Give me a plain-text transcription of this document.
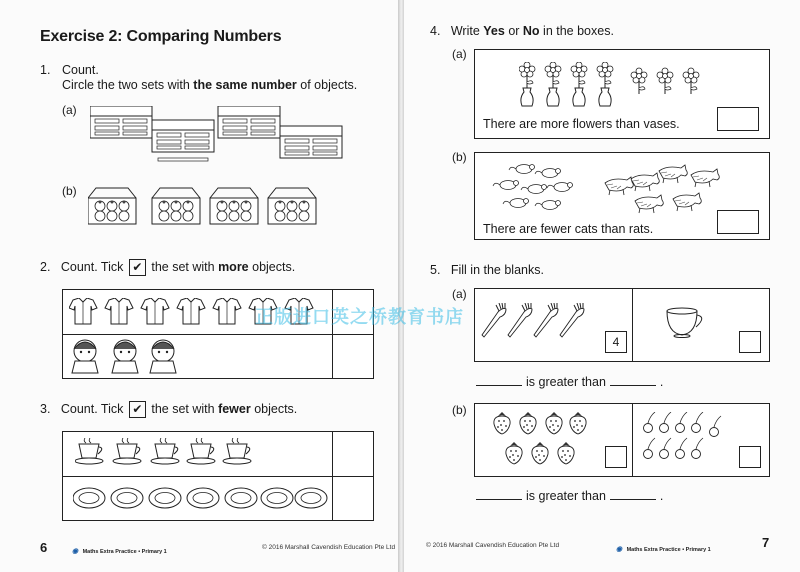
Exercise 2: Comparing Numbers
1. Count.
Circle the two sets with the same number of objects.
(a)
(b)
2. Count. Tick ✔ the set with more objects.
3. Count. Tick ✔ the set with fewer objects.
6	◉ Maths Extra Practice • Primary 1
© 2016 Marshall Cavendish Education Pte Ltd
4. Write Yes or No in the boxes.
(a)
There are more flowers than vases.
(b)
There are fewer cats than rats.
5. Fill in the blanks.
(a)
4
is greater than	.
(b)
is greater than	.
© 2016 Marshall Cavendish Education Pte Ltd
◉ Maths Extra Practice • Primary 1	7
正版进口英之桥教育书店
